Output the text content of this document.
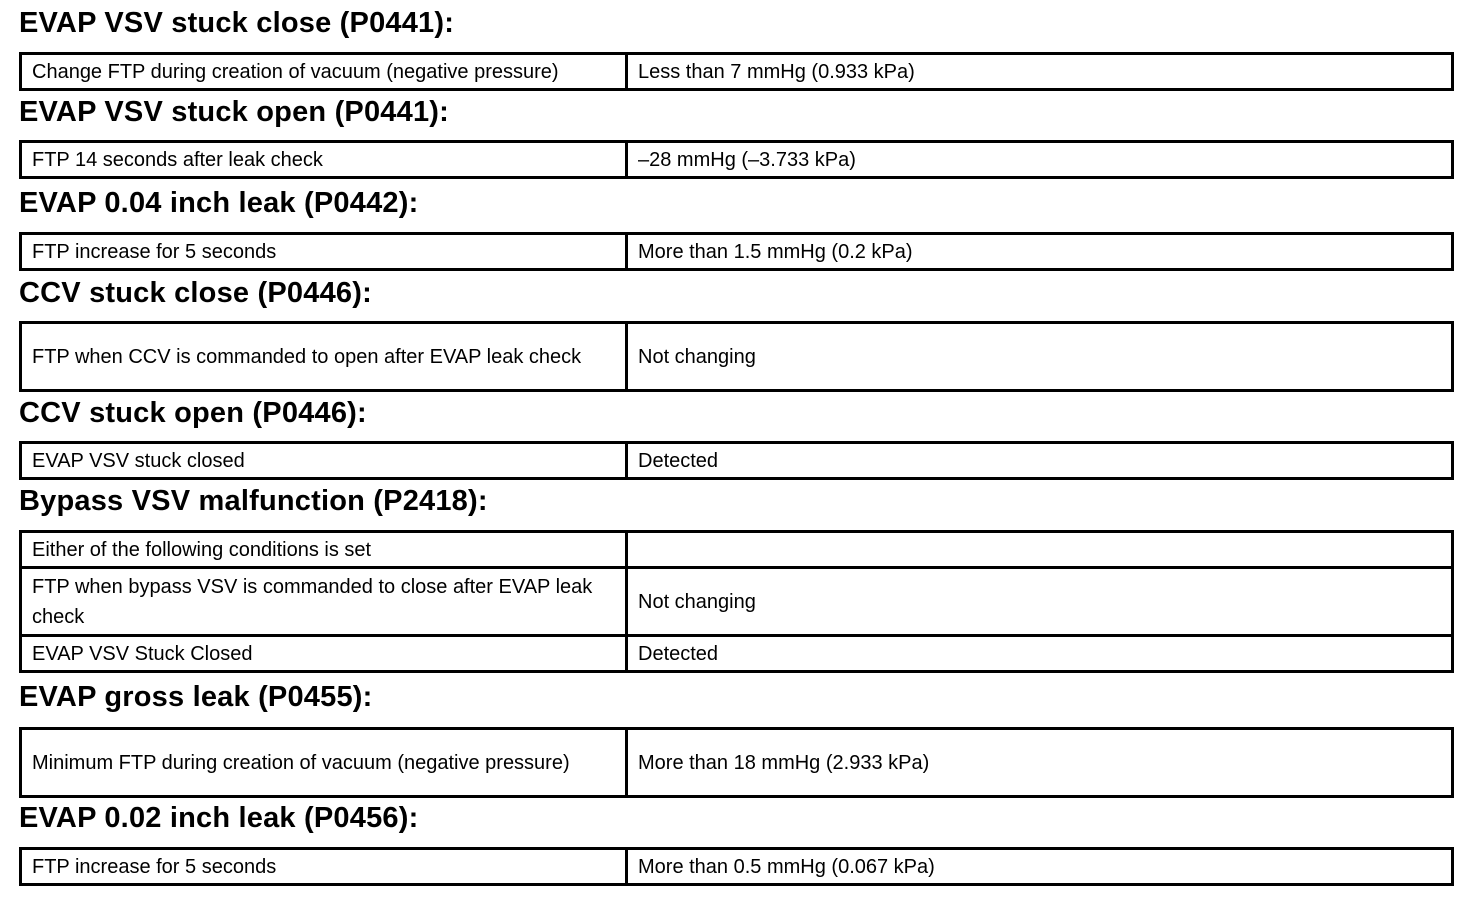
EVAP VSV stuck close (P0441):
Change FTP during creation of vacuum (negative pressure)	Less than 7 mmHg (0.933 kPa)
EVAP VSV stuck open (P0441):
FTP 14 seconds after leak check	–28 mmHg (–3.733 kPa)
EVAP 0.04 inch leak (P0442):
FTP increase for 5 seconds	More than 1.5 mmHg (0.2 kPa)
CCV stuck close (P0446):
FTP when CCV is commanded to open after EVAP leak check	Not changing
CCV stuck open (P0446):
EVAP VSV stuck closed	Detected
Bypass VSV malfunction (P2418):
Either of the following conditions is set	
FTP when bypass VSV is commanded to close after EVAP leak check	Not changing
EVAP VSV Stuck Closed	Detected
EVAP gross leak (P0455):
Minimum FTP during creation of vacuum (negative pressure)	More than 18 mmHg (2.933 kPa)
EVAP 0.02 inch leak (P0456):
FTP increase for 5 seconds	More than 0.5 mmHg (0.067 kPa)
